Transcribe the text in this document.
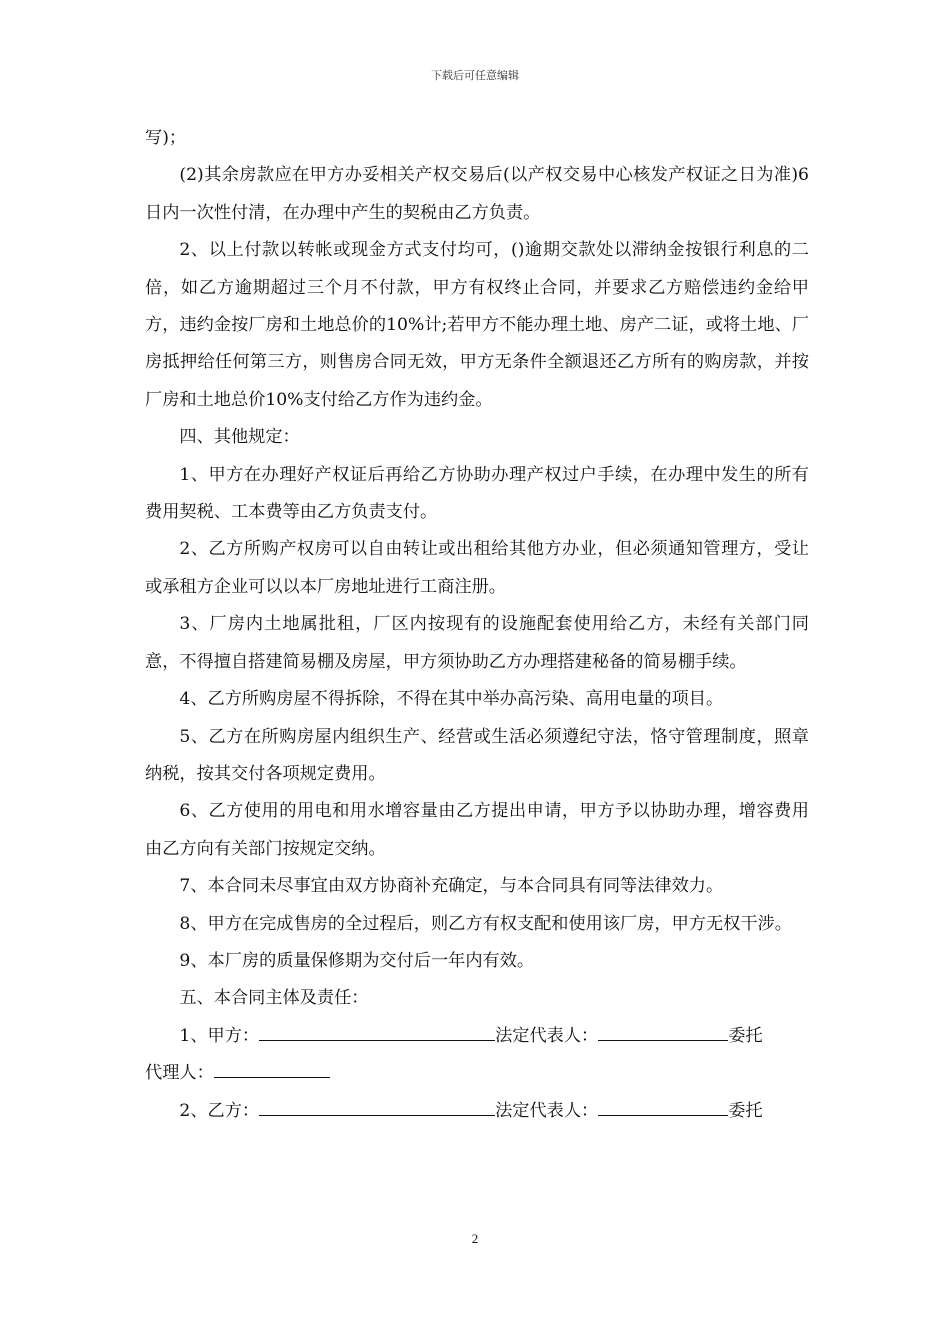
下载后可任意编辑

写)；

(2)其余房款应在甲方办妥相关产权交易后(以产权交易中心核发产权证之日为准)6日内一次性付清，在办理中产生的契税由乙方负责。

2、以上付款以转帐或现金方式支付均可，()逾期交款处以滞纳金按银行利息的二倍，如乙方逾期超过三个月不付款，甲方有权终止合同，并要求乙方赔偿违约金给甲方，违约金按厂房和土地总价的10%计;若甲方不能办理土地、房产二证，或将土地、厂房抵押给任何第三方，则售房合同无效，甲方无条件全额退还乙方所有的购房款，并按厂房和土地总价10%支付给乙方作为违约金。

四、其他规定：

1、甲方在办理好产权证后再给乙方协助办理产权过户手续，在办理中发生的所有费用契税、工本费等由乙方负责支付。

2、乙方所购产权房可以自由转让或出租给其他方办业，但必须通知管理方，受让或承租方企业可以以本厂房地址进行工商注册。

3、厂房内土地属批租，厂区内按现有的设施配套使用给乙方，未经有关部门同意，不得擅自搭建简易棚及房屋，甲方须协助乙方办理搭建秘备的简易棚手续。

4、乙方所购房屋不得拆除，不得在其中举办高污染、高用电量的项目。

5、乙方在所购房屋内组织生产、经营或生活必须遵纪守法，恪守管理制度，照章纳税，按其交付各项规定费用。

6、乙方使用的用电和用水增容量由乙方提出申请，甲方予以协助办理，增容费用由乙方向有关部门按规定交纳。

7、本合同未尽事宜由双方协商补充确定，与本合同具有同等法律效力。

8、甲方在完成售房的全过程后，则乙方有权支配和使用该厂房，甲方无权干涉。

9、本厂房的质量保修期为交付后一年内有效。

五、本合同主体及责任：

1、甲方：	法定代表人：	委托

代理人：

2、乙方：	法定代表人：	委托

2
